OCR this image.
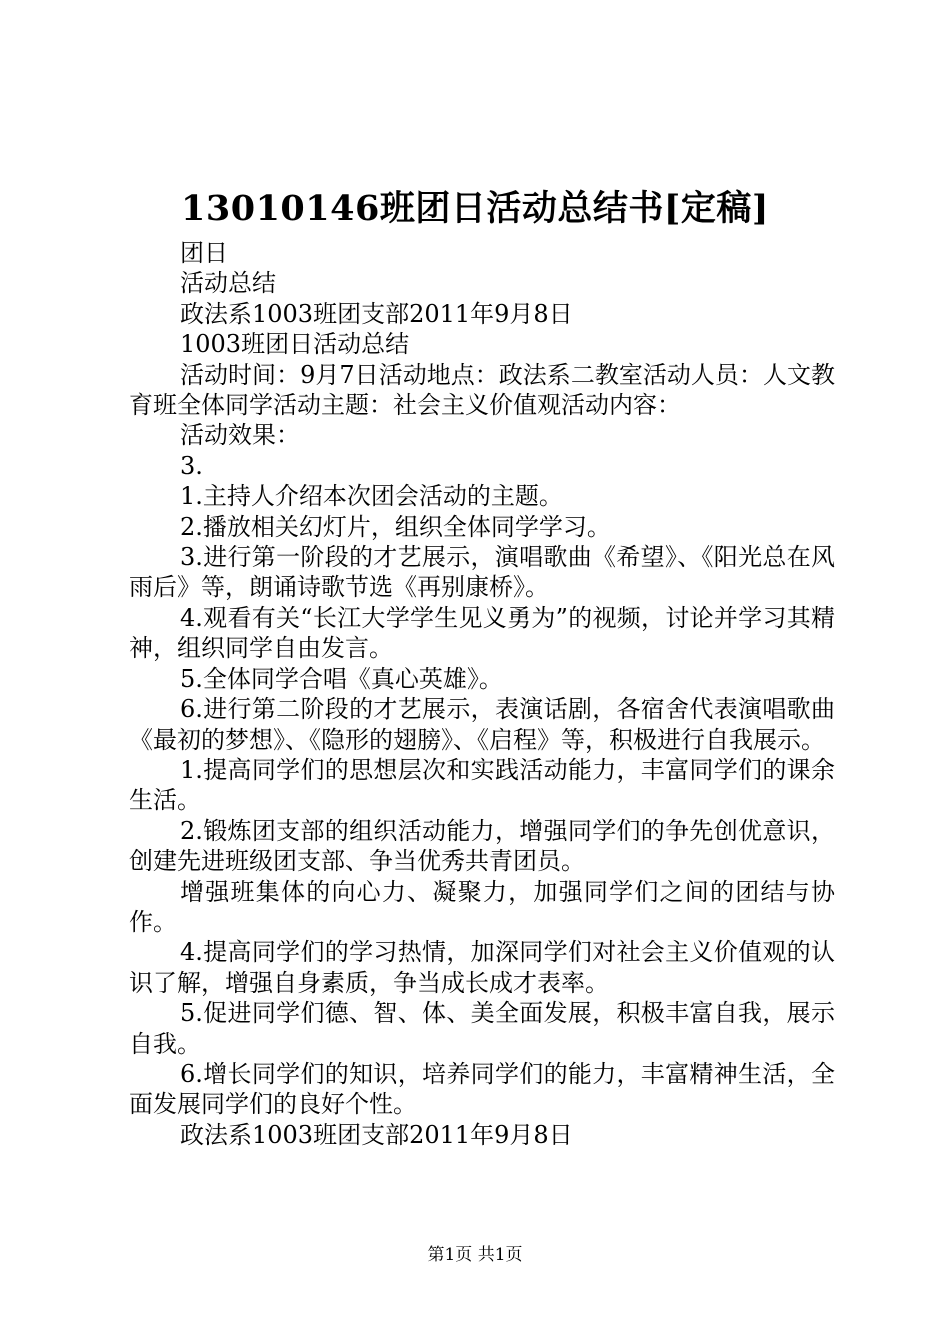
13010146班团日活动总结书[定稿]

团日

活动总结

政法系1003班团支部2011年9月8日

1003班团日活动总结

活动时间：9月7日活动地点：政法系二教室活动人员：人文教育班全体同学活动主题：社会主义价值观活动内容：

活动效果：

3.

1.主持人介绍本次团会活动的主题。

2.播放相关幻灯片，组织全体同学学习。

3.进行第一阶段的才艺展示，演唱歌曲《希望》、《阳光总在风雨后》等，朗诵诗歌节选《再别康桥》。

4.观看有关“长江大学学生见义勇为”的视频，讨论并学习其精神，组织同学自由发言。

5.全体同学合唱《真心英雄》。

6.进行第二阶段的才艺展示，表演话剧，各宿舍代表演唱歌曲《最初的梦想》、《隐形的翅膀》、《启程》等，积极进行自我展示。

1.提高同学们的思想层次和实践活动能力，丰富同学们的课余生活。

2.锻炼团支部的组织活动能力，增强同学们的争先创优意识，创建先进班级团支部、争当优秀共青团员。

增强班集体的向心力、凝聚力，加强同学们之间的团结与协作。

4.提高同学们的学习热情，加深同学们对社会主义价值观的认识了解，增强自身素质，争当成长成才表率。

5.促进同学们德、智、体、美全面发展，积极丰富自我，展示自我。

6.增长同学们的知识，培养同学们的能力，丰富精神生活，全面发展同学们的良好个性。

政法系1003班团支部2011年9月8日

第1页 共1页
